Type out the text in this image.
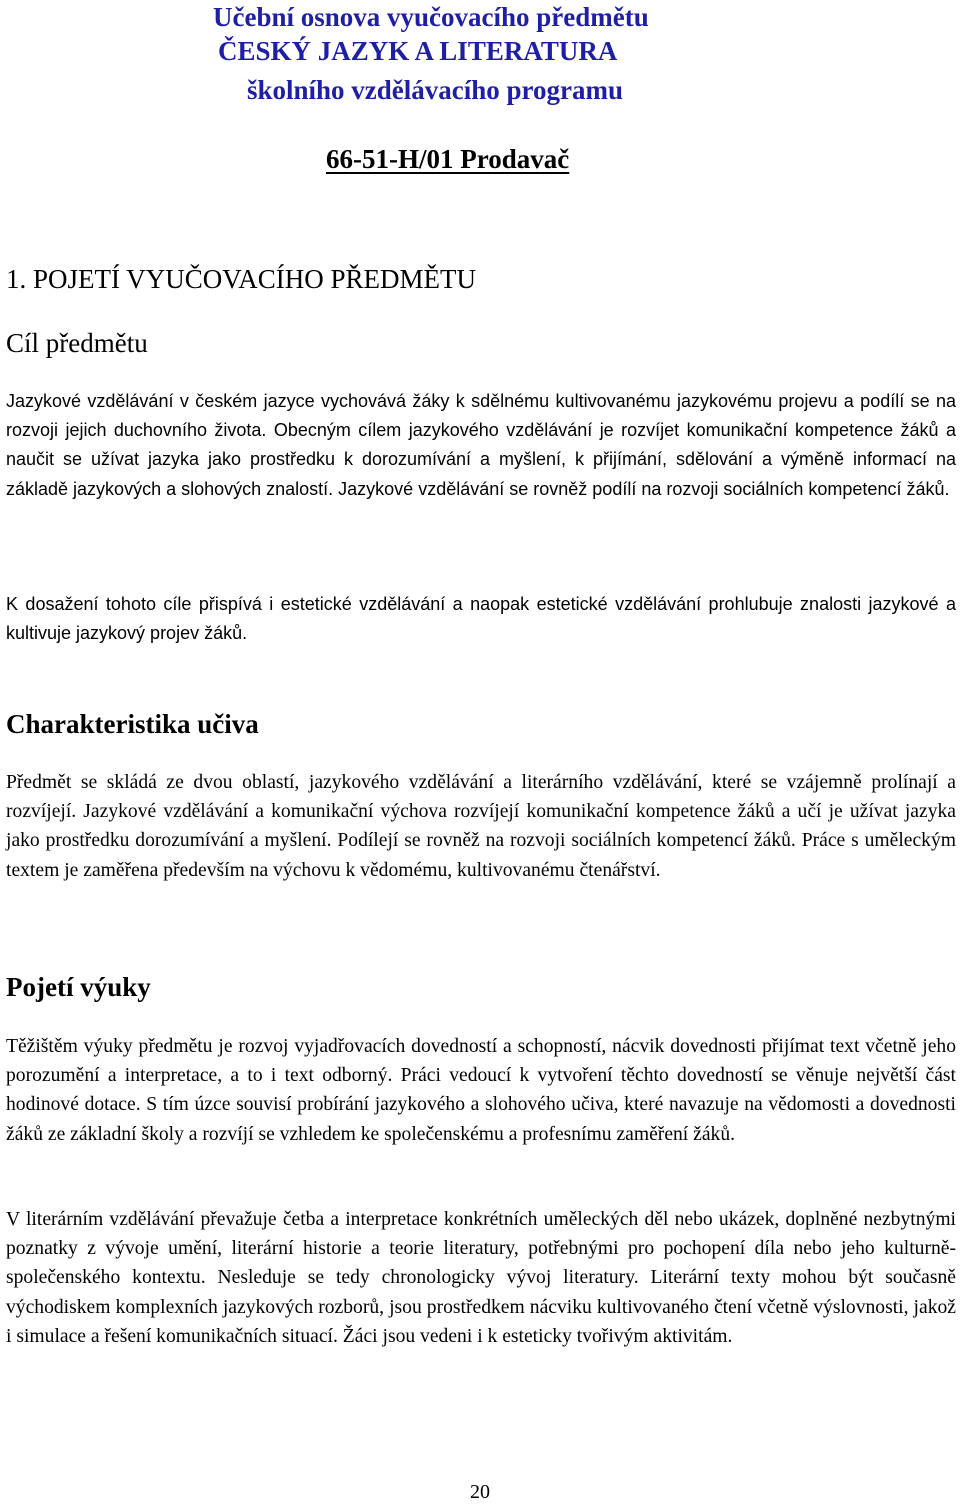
Učební osnova vyučovacího předmětu
ČESKÝ JAZYK A LITERATURA
školního vzdělávacího programu
66-51-H/01 Prodavač
1. POJETÍ VYUČOVACÍHO PŘEDMĚTU
Cíl předmětu
Jazykové vzdělávání v českém jazyce vychovává žáky k sdělnému kultivovanému jazykovému projevu a podílí se na rozvoji jejich duchovního života. Obecným cílem jazykového vzdělávání je rozvíjet komunikační kompetence žáků a naučit se užívat jazyka jako prostředku k dorozumívání a myšlení, k přijímání, sdělování a výměně informací na základě jazykových a slohových znalostí. Jazykové vzdělávání se rovněž podílí na rozvoji sociálních kompetencí žáků.
K dosažení tohoto cíle přispívá i estetické vzdělávání a naopak estetické vzdělávání prohlubuje znalosti jazykové a kultivuje jazykový projev žáků.
Charakteristika učiva
Předmět se skládá ze dvou oblastí, jazykového vzdělávání a literárního vzdělávání, které se vzájemně prolínají a rozvíjejí. Jazykové vzdělávání a komunikační výchova rozvíjejí komunikační kompetence žáků a učí je užívat jazyka jako prostředku dorozumívání a myšlení. Podílejí se rovněž na rozvoji sociálních kompetencí žáků. Práce s uměleckým textem je zaměřena především na výchovu k vědomému, kultivovanému čtenářství.
Pojetí výuky
Těžištěm výuky předmětu je rozvoj vyjadřovacích dovedností a schopností, nácvik dovednosti přijímat text včetně jeho porozumění a interpretace, a to i text odborný. Práci vedoucí k vytvoření těchto dovedností se věnuje největší část hodinové dotace. S tím úzce souvisí probírání jazykového a slohového učiva, které navazuje na vědomosti a dovednosti žáků ze základní školy a rozvíjí se vzhledem ke společenskému a profesnímu zaměření žáků.
V literárním vzdělávání převažuje četba a interpretace konkrétních uměleckých děl nebo ukázek, doplněné nezbytnými poznatky z vývoje umění, literární historie a teorie literatury, potřebnými pro pochopení díla nebo jeho kulturně-společenského kontextu. Nesleduje se tedy chronologicky vývoj literatury. Literární texty mohou být současně východiskem komplexních jazykových rozborů, jsou prostředkem nácviku kultivovaného čtení včetně výslovnosti, jakož i simulace a řešení komunikačních situací. Žáci jsou vedeni i k esteticky tvořivým aktivitám.
20
